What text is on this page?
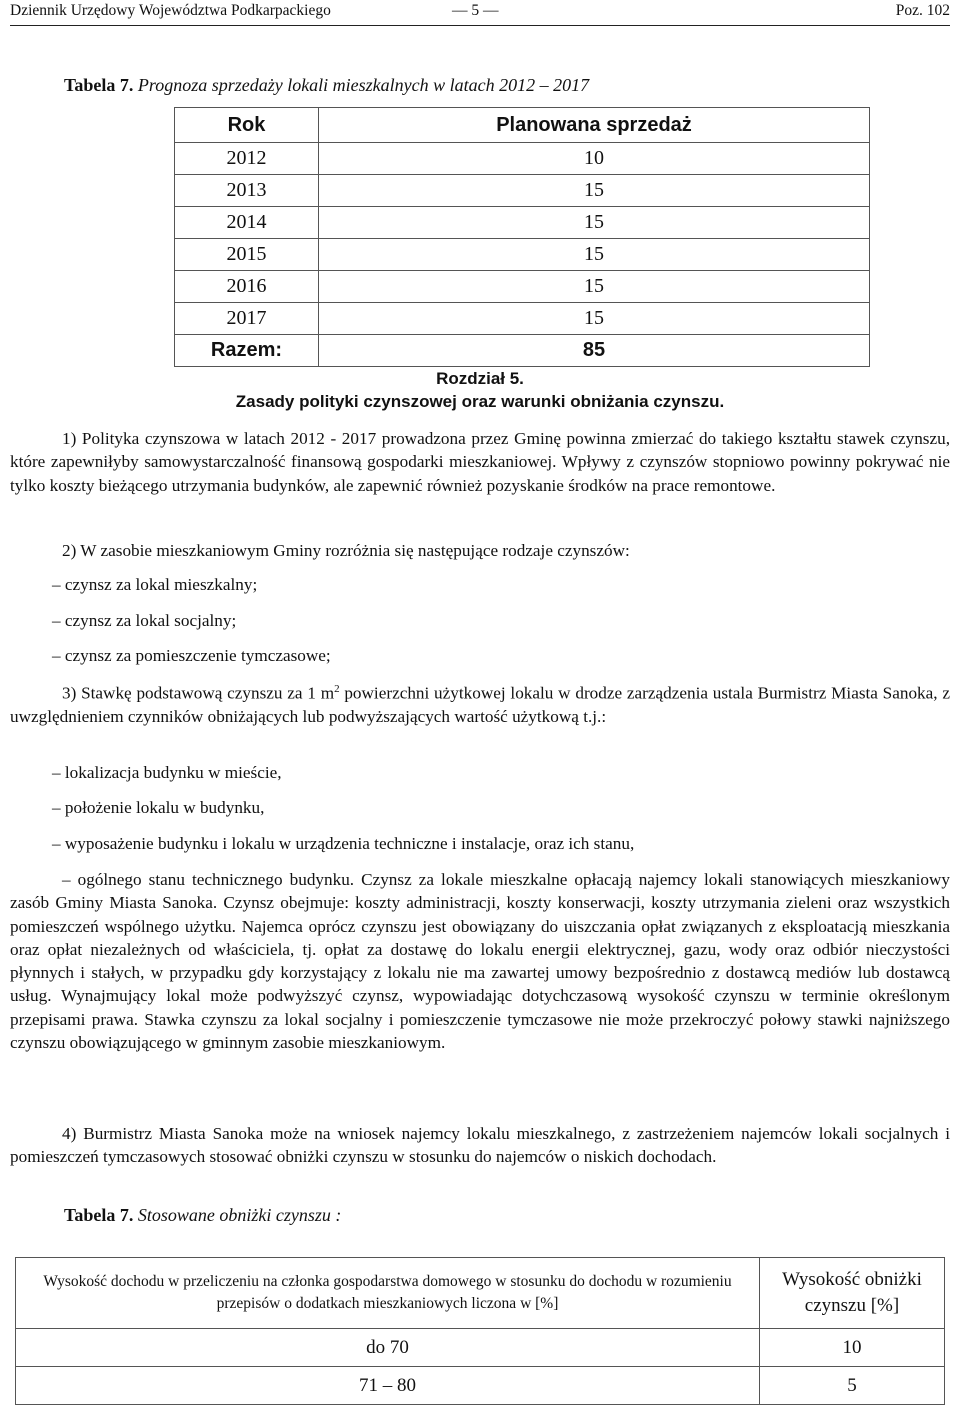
Dziennik Urzędowy Województwa Podkarpackiego	— 5 —	Poz. 102
Tabela 7. Prognoza sprzedaży lokali mieszkalnych w latach 2012 – 2017
Rok	Planowana sprzedaż
2012	10
2013	15
2014	15
2015	15
2016	15
2017	15
Razem:	85
Rozdział 5.
Zasady polityki czynszowej oraz warunki obniżania czynszu.
1) Polityka czynszowa w latach 2012 - 2017 prowadzona przez Gminę powinna zmierzać do takiego kształtu stawek czynszu, które zapewniłyby samowystarczalność finansową gospodarki mieszkaniowej. Wpływy z czynszów stopniowo powinny pokrywać nie tylko koszty bieżącego utrzymania budynków, ale zapewnić również pozyskanie środków na prace remontowe.
2) W zasobie mieszkaniowym Gminy rozróżnia się następujące rodzaje czynszów:
– czynsz za lokal mieszkalny;
– czynsz za lokal socjalny;
– czynsz za pomieszczenie tymczasowe;
3) Stawkę podstawową czynszu za 1 $m^2$ powierzchni użytkowej lokalu w drodze zarządzenia ustala Burmistrz Miasta Sanoka, z uwzględnieniem czynników obniżających lub podwyższających wartość użytkową t.j.:
– lokalizacja budynku w mieście,
– położenie lokalu w budynku,
– wyposażenie budynku i lokalu w urządzenia techniczne i instalacje, oraz ich stanu,
– ogólnego stanu technicznego budynku. Czynsz za lokale mieszkalne opłacają najemcy lokali stanowiących mieszkaniowy zasób Gminy Miasta Sanoka. Czynsz obejmuje: koszty administracji, koszty konserwacji, koszty utrzymania zieleni oraz wszystkich pomieszczeń wspólnego użytku. Najemca oprócz czynszu jest obowiązany do uiszczania opłat związanych z eksploatacją mieszkania oraz opłat niezależnych od właściciela, tj. opłat za dostawę do lokalu energii elektrycznej, gazu, wody oraz odbiór nieczystości płynnych i stałych, w przypadku gdy korzystający z lokalu nie ma zawartej umowy bezpośrednio z dostawcą mediów lub dostawcą usług. Wynajmujący lokal może podwyższyć czynsz, wypowiadając dotychczasową wysokość czynszu w terminie określonym przepisami prawa. Stawka czynszu za lokal socjalny i pomieszczenie tymczasowe nie może przekroczyć połowy stawki najniższego czynszu obowiązującego w gminnym zasobie mieszkaniowym.
4) Burmistrz Miasta Sanoka może na wniosek najemcy lokalu mieszkalnego, z zastrzeżeniem najemców lokali socjalnych i pomieszczeń tymczasowych stosować obniżki czynszu w stosunku do najemców o niskich dochodach.
Tabela 7. Stosowane obniżki czynszu :
Wysokość dochodu w przeliczeniu na członka gospodarstwa domowego w stosunku do dochodu w rozumieniu przepisów o dodatkach mieszkaniowych liczona w [%]	Wysokość obniżki czynszu [%]
do 70	10
71 – 80	5
